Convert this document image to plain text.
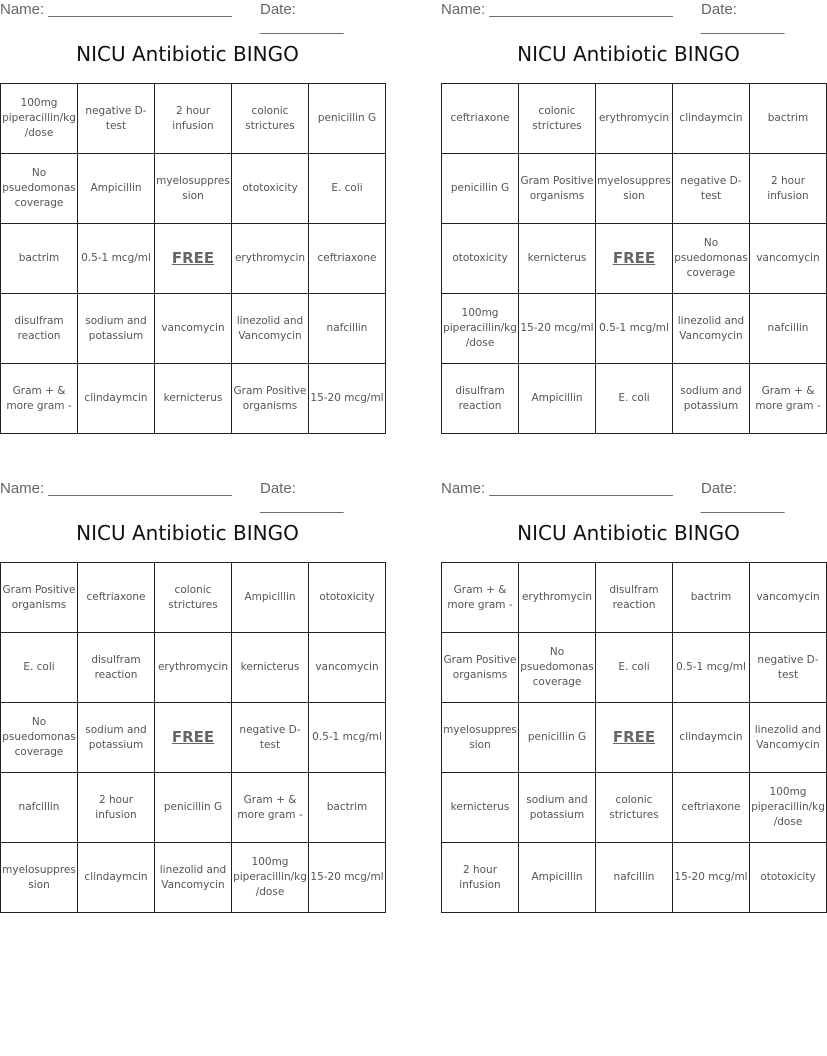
Name: ______________________ Date: __________
NICU Antibiotic BINGO
100mg piperacillin/kg/dose	negative D-test	2 hour infusion	colonic strictures	penicillin G
No psuedomonas coverage	Ampicillin	myelosuppression	ototoxicity	E. coli
bactrim	0.5-1 mcg/ml	FREE	erythromycin	ceftriaxone
disulfram reaction	sodium and potassium	vancomycin	linezolid and Vancomycin	nafcillin
Gram + & more gram -	clindaymcin	kernicterus	Gram Positive organisms	15-20 mcg/ml
Name: ______________________ Date: __________
NICU Antibiotic BINGO
ceftriaxone	colonic strictures	erythromycin	clindaymcin	bactrim
penicillin G	Gram Positive organisms	myelosuppression	negative D-test	2 hour infusion
ototoxicity	kernicterus	FREE	No psuedomonas coverage	vancomycin
100mg piperacillin/kg/dose	15-20 mcg/ml	0.5-1 mcg/ml	linezolid and Vancomycin	nafcillin
disulfram reaction	Ampicillin	E. coli	sodium and potassium	Gram + & more gram -
Name: ______________________ Date: __________
NICU Antibiotic BINGO
Gram Positive organisms	ceftriaxone	colonic strictures	Ampicillin	ototoxicity
E. coli	disulfram reaction	erythromycin	kernicterus	vancomycin
No psuedomonas coverage	sodium and potassium	FREE	negative D-test	0.5-1 mcg/ml
nafcillin	2 hour infusion	penicillin G	Gram + & more gram -	bactrim
myelosuppression	clindaymcin	linezolid and Vancomycin	100mg piperacillin/kg/dose	15-20 mcg/ml
Name: ______________________ Date: __________
NICU Antibiotic BINGO
Gram + & more gram -	erythromycin	disulfram reaction	bactrim	vancomycin
Gram Positive organisms	No psuedomonas coverage	E. coli	0.5-1 mcg/ml	negative D-test
myelosuppression	penicillin G	FREE	clindaymcin	linezolid and Vancomycin
kernicterus	sodium and potassium	colonic strictures	ceftriaxone	100mg piperacillin/kg/dose
2 hour infusion	Ampicillin	nafcillin	15-20 mcg/ml	ototoxicity
